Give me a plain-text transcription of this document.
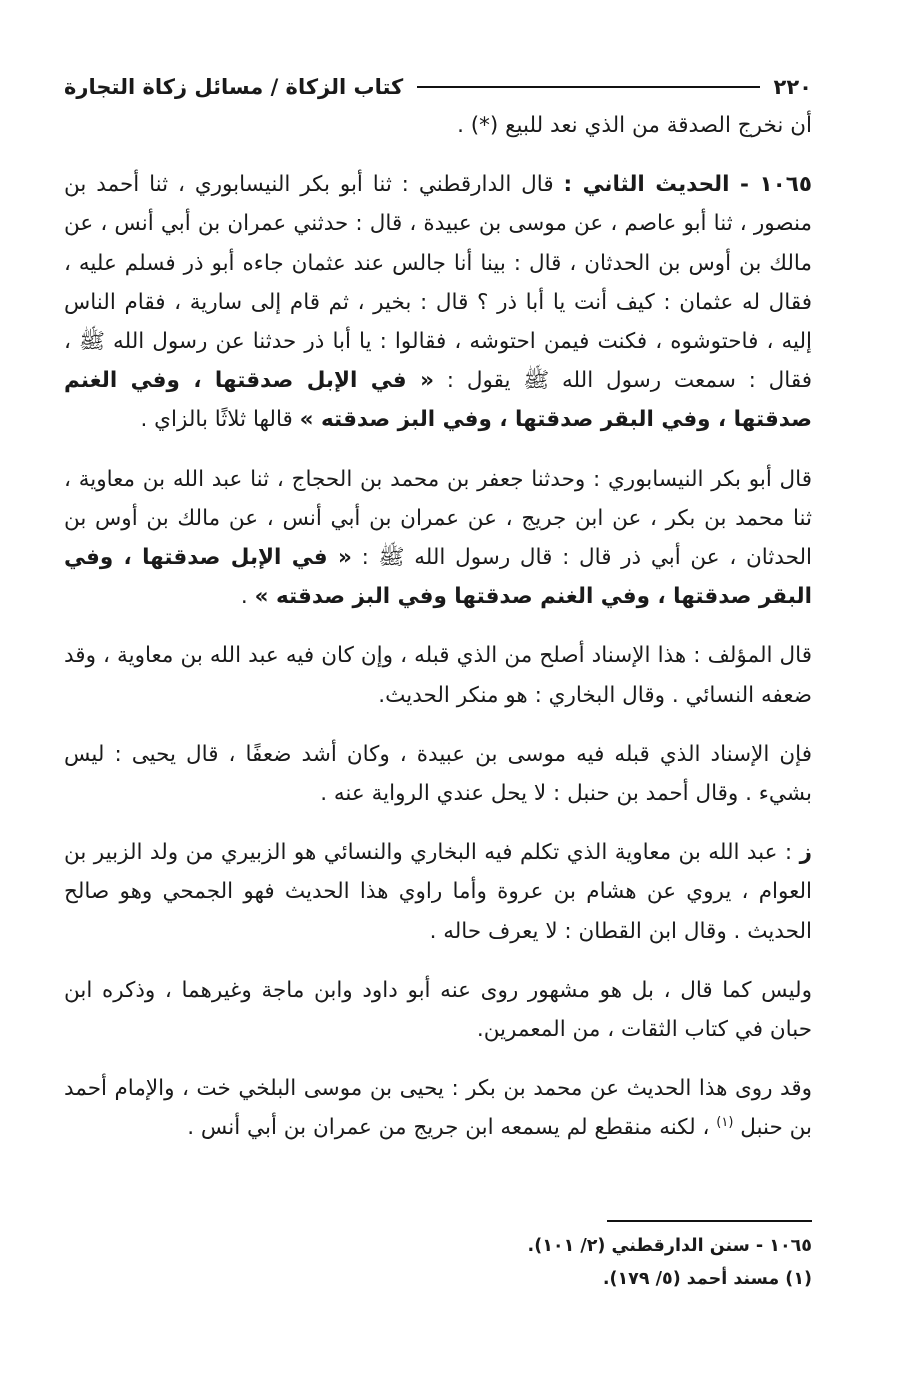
٢٢٠
كتاب الزكاة / مسائل زكاة التجارة

أن نخرج الصدقة من الذي نعد للبيع (*) .

١٠٦٥ - الحديث الثاني : قال الدارقطني : ثنا أبو بكر النيسابوري ، ثنا أحمد بن منصور ، ثنا أبو عاصم ، عن موسى بن عبيدة ، قال : حدثني عمران بن أبي أنس ، عن مالك بن أوس بن الحدثان ، قال : بينا أنا جالس عند عثمان جاءه أبو ذر فسلم عليه ، فقال له عثمان : كيف أنت يا أبا ذر ؟ قال : بخير ، ثم قام إلى سارية ، فقام الناس إليه ، فاحتوشوه ، فكنت فيمن احتوشه ، فقالوا : يا أبا ذر حدثنا عن رسول الله ﷺ ، فقال : سمعت رسول الله ﷺ يقول : « في الإبل صدقتها ، وفي الغنم صدقتها ، وفي البقر صدقتها ، وفي البز صدقته » قالها ثلاثًا بالزاي .

قال أبو بكر النيسابوري : وحدثنا جعفر بن محمد بن الحجاج ، ثنا عبد الله بن معاوية ، ثنا محمد بن بكر ، عن ابن جريج ، عن عمران بن أبي أنس ، عن مالك بن أوس بن الحدثان ، عن أبي ذر قال : قال رسول الله ﷺ : « في الإبل صدقتها ، وفي البقر صدقتها ، وفي الغنم صدقتها وفي البز صدقته » .

قال المؤلف : هذا الإسناد أصلح من الذي قبله ، وإن كان فيه عبد الله بن معاوية ، وقد ضعفه النسائي . وقال البخاري : هو منكر الحديث.

فإن الإسناد الذي قبله فيه موسى بن عبيدة ، وكان أشد ضعفًا ، قال يحيى : ليس بشيء . وقال أحمد بن حنبل : لا يحل عندي الرواية عنه .

ز : عبد الله بن معاوية الذي تكلم فيه البخاري والنسائي هو الزبيري من ولد الزبير بن العوام ، يروي عن هشام بن عروة وأما راوي هذا الحديث فهو الجمحي وهو صالح الحديث . وقال ابن القطان : لا يعرف حاله .

وليس كما قال ، بل هو مشهور روى عنه أبو داود وابن ماجة وغيرهما ، وذكره ابن حبان في كتاب الثقات ، من المعمرين.

وقد روى هذا الحديث عن محمد بن بكر : يحيى بن موسى البلخي خ‍ت ، والإمام أحمد بن حنبل $^{(١)}$ ، لكنه منقطع لم يسمعه ابن جريج من عمران بن أبي أنس .

١٠٦٥ - سنن الدارقطني (٢/ ١٠١).
(١) مسند أحمد (٥/ ١٧٩).
